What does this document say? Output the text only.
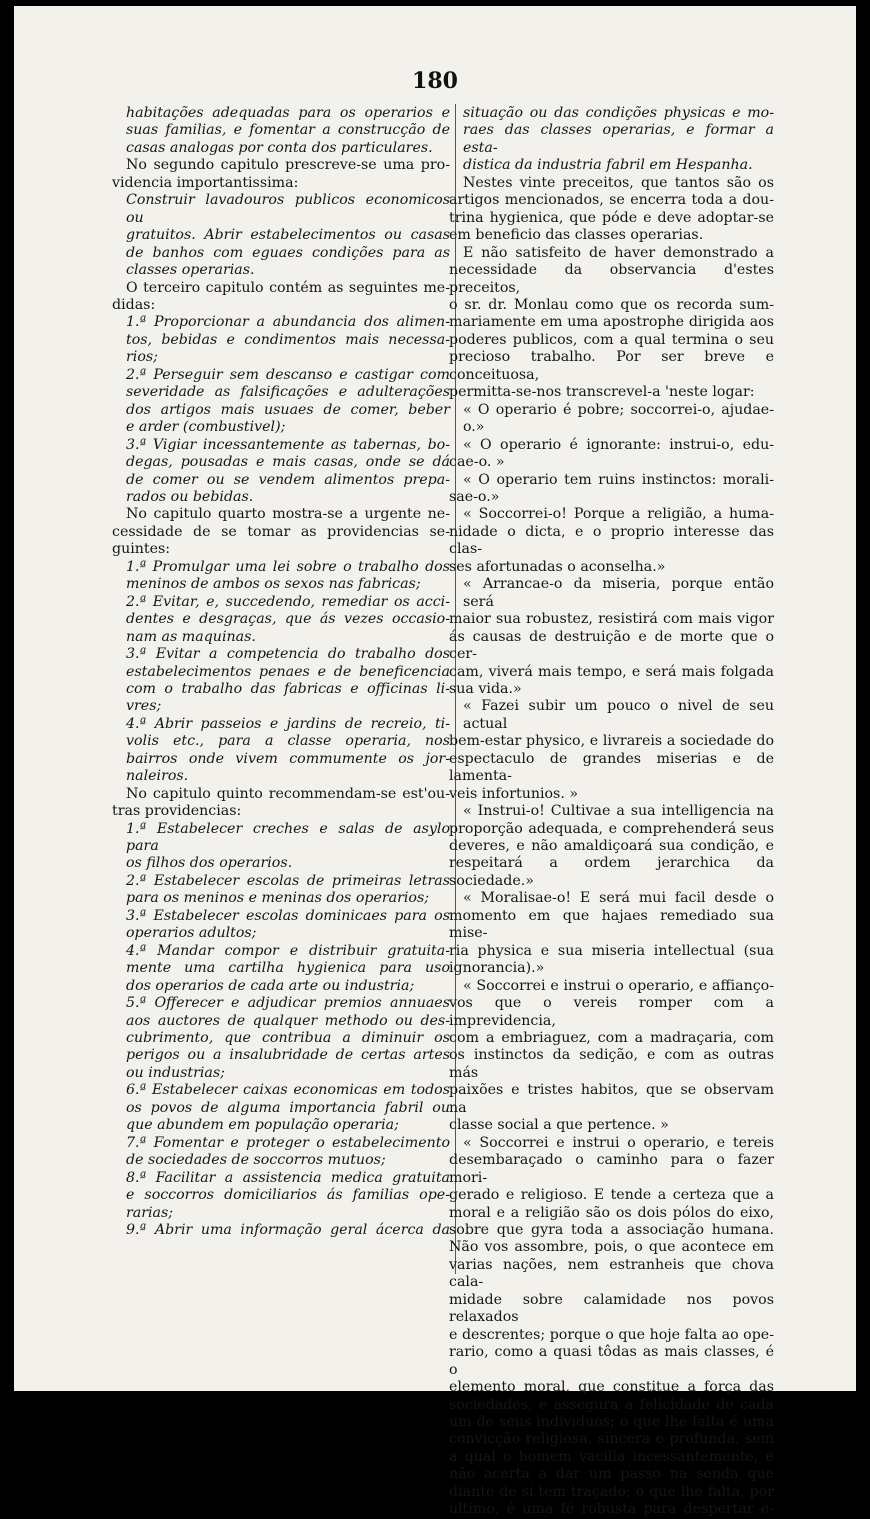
180

habitações adequadas para os operarios e

suas familias, e fomentar a construcção de

casas analogas por conta dos particulares.

No segundo capitulo prescreve-se uma pro-

videncia importantissima:

Construir lavadouros publicos economicos ou

gratuitos. Abrir estabelecimentos ou casas

de banhos com eguaes condições para as

classes operarias.

O terceiro capitulo contém as seguintes me-

didas:

1.ª Proporcionar a abundancia dos alimen-

tos, bebidas e condimentos mais necessa-

rios;

2.ª Perseguir sem descanso e castigar com

severidade as falsificações e adulterações

dos artigos mais usuaes de comer, beber

e arder (combustivel);

3.ª Vigiar incessantemente as tabernas, bo-

degas, pousadas e mais casas, onde se dá

de comer ou se vendem alimentos prepa-

rados ou bebidas.

No capitulo quarto mostra-se a urgente ne-

cessidade de se tomar as providencias se-

guintes:

1.ª Promulgar uma lei sobre o trabalho dos

meninos de ambos os sexos nas fabricas;

2.ª Evitar, e, succedendo, remediar os acci-

dentes e desgraças, que ás vezes occasio-

nam as maquinas.

3.ª Evitar a competencia do trabalho dos

estabelecimentos penaes e de beneficencia

com o trabalho das fabricas e officinas li-

vres;

4.ª Abrir passeios e jardins de recreio, ti-

volis etc., para a classe operaria, nos

bairros onde vivem commumente os jor-

naleiros.

No capitulo quinto recommendam-se est'ou-

tras providencias:

1.ª Estabelecer creches e salas de asylo para

os filhos dos operarios.

2.ª Estabelecer escolas de primeiras letras

para os meninos e meninas dos operarios;

3.ª Estabelecer escolas dominicaes para os

operarios adultos;

4.ª Mandar compor e distribuir gratuita-

mente uma cartilha hygienica para uso

dos operarios de cada arte ou industria;

5.ª Offerecer e adjudicar premios annuaes

aos auctores de qualquer methodo ou des-

cubrimento, que contribua a diminuir os

perigos ou a insalubridade de certas artes

ou industrias;

6.ª Estabelecer caixas economicas em todos

os povos de alguma importancia fabril ou

que abundem em população operaria;

7.ª Fomentar e proteger o estabelecimento

de sociedades de soccorros mutuos;

8.ª Facilitar a assistencia medica gratuita

e soccorros domiciliarios ás familias ope-

rarias;

9.ª Abrir uma informação geral ácerca da

situação ou das condições physicas e mo-

raes das classes operarias, e formar a esta-

distica da industria fabril em Hespanha.

Nestes vinte preceitos, que tantos são os

artigos mencionados, se encerra toda a dou-

trina hygienica, que póde e deve adoptar-se

em beneficio das classes operarias.

E não satisfeito de haver demonstrado a

necessidade da observancia d'estes preceitos,

o sr. dr. Monlau como que os recorda sum-

mariamente em uma apostrophe dirigida aos

poderes publicos, com a qual termina o seu

precioso trabalho. Por ser breve e conceituosa,

permitta-se-nos transcrevel-a 'neste logar:

« O operario é pobre; soccorrei-o, ajudae-o.»

« O operario é ignorante: instrui-o, edu-

cae-o. »

« O operario tem ruins instinctos: morali-

sae-o.»

« Soccorrei-o! Porque a religião, a huma-

nidade o dicta, e o proprio interesse das clas-

ses afortunadas o aconselha.»

« Arrancae-o da miseria, porque então será

maior sua robustez, resistirá com mais vigor

ás causas de destruição e de morte que o cer-

cam, viverá mais tempo, e será mais folgada

sua vida.»

« Fazei subir um pouco o nivel de seu actual

bem-estar physico, e livrareis a sociedade do

espectaculo de grandes miserias e de lamenta-

veis infortunios. »

« Instrui-o! Cultivae a sua intelligencia na

proporção adequada, e comprehenderá seus

deveres, e não amaldiçoará sua condição, e

respeitará a ordem jerarchica da sociedade.»

« Moralisae-o! E será mui facil desde o

momento em que hajaes remediado sua mise-

ria physica e sua miseria intellectual (sua

ignorancia).»

« Soccorrei e instrui o operario, e affianço-

vos que o vereis romper com a imprevidencia,

com a embriaguez, com a madraçaria, com

os instinctos da sedição, e com as outras más

paixões e tristes habitos, que se observam na

classe social a que pertence. »

« Soccorrei e instrui o operario, e tereis

desembaraçado o caminho para o fazer mori-

gerado e religioso. E tende a certeza que a

moral e a religião são os dois pólos do eixo,

sobre que gyra toda a associação humana.

Não vos assombre, pois, o que acontece em

varias nações, nem estranheis que chova cala-

midade sobre calamidade nos povos relaxados

e descrentes; porque o que hoje falta ao ope-

rario, como a quasi tôdas as mais classes, é o

elemento moral, que constitue a força das

sociedades, e assegura a felicidade de cada

um de seus individuos; o que lhe falta é uma

convicção religiosa, sincera e profunda, sem

a qual o homem vacilla incessantemente, e

não acerta a dar um passo na senda que

diante de si tem traçado; o que lhe falta, por

ultimo, é uma fé robusta para despertar e-
